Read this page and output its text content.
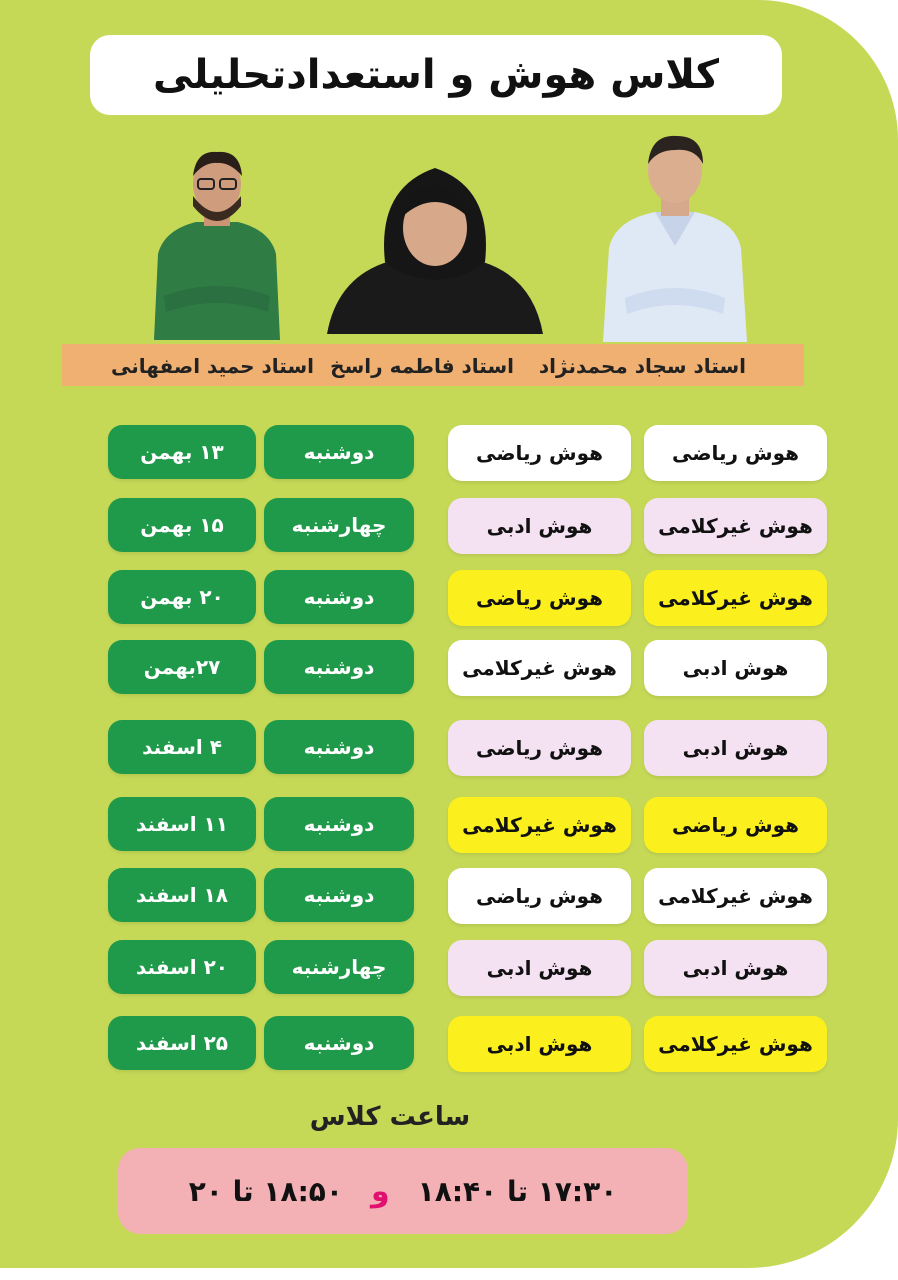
کلاس هوش و استعدادتحلیلی
استاد سجاد محمدنژاد
استاد فاطمه راسخ
استاد حمید اصفهانی
هوش ریاضی
هوش ریاضی
دوشنبه
۱۳ بهمن
هوش غیرکلامی
هوش ادبی
چهارشنبه
۱۵ بهمن
هوش غیرکلامی
هوش ریاضی
دوشنبه
۲۰ بهمن
هوش ادبی
هوش غیرکلامی
دوشنبه
۲۷بهمن
هوش ادبی
هوش ریاضی
دوشنبه
۴ اسفند
هوش ریاضی
هوش غیرکلامی
دوشنبه
۱۱ اسفند
هوش غیرکلامی
هوش ریاضی
دوشنبه
۱۸ اسفند
هوش ادبی
هوش ادبی
چهارشنبه
۲۰ اسفند
هوش غیرکلامی
هوش ادبی
دوشنبه
۲۵ اسفند
ساعت کلاس
۱۷:۳۰ تا ۱۸:۴۰
و
۱۸:۵۰ تا ۲۰
